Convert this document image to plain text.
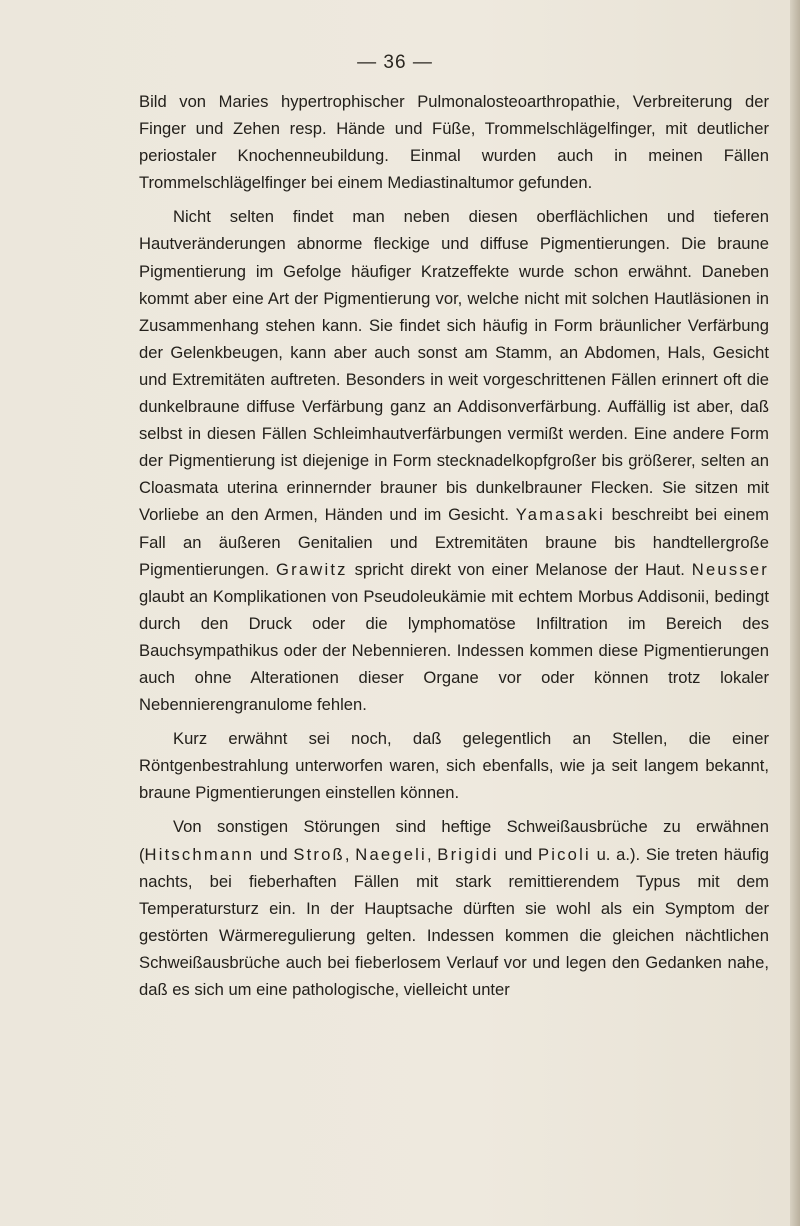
— 36 —

Bild von Maries hypertrophischer Pulmonalosteoarthropathie, Verbreiterung der Finger und Zehen resp. Hände und Füße, Trommelschlägelfinger, mit deutlicher periostaler Knochenneubildung. Einmal wurden auch in meinen Fällen Trommelschlägelfinger bei einem Mediastinaltumor gefunden.

Nicht selten findet man neben diesen oberflächlichen und tieferen Hautveränderungen abnorme fleckige und diffuse Pigmentierungen. Die braune Pigmentierung im Gefolge häufiger Kratzeffekte wurde schon erwähnt. Daneben kommt aber eine Art der Pigmentierung vor, welche nicht mit solchen Hautläsionen in Zusammenhang stehen kann. Sie findet sich häufig in Form bräunlicher Verfärbung der Gelenkbeugen, kann aber auch sonst am Stamm, an Abdomen, Hals, Gesicht und Extremitäten auftreten. Besonders in weit vorgeschrittenen Fällen erinnert oft die dunkelbraune diffuse Verfärbung ganz an Addisonverfärbung. Auffällig ist aber, daß selbst in diesen Fällen Schleimhautverfärbungen vermißt werden. Eine andere Form der Pigmentierung ist diejenige in Form stecknadelkopfgroßer bis größerer, selten an Cloasmata uterina erinnernder brauner bis dunkelbrauner Flecken. Sie sitzen mit Vorliebe an den Armen, Händen und im Gesicht. Yamasaki beschreibt bei einem Fall an äußeren Genitalien und Extremitäten braune bis handtellergroße Pigmentierungen. Grawitz spricht direkt von einer Melanose der Haut. Neusser glaubt an Komplikationen von Pseudoleukämie mit echtem Morbus Addisonii, bedingt durch den Druck oder die lymphomatöse Infiltration im Bereich des Bauchsympathikus oder der Nebennieren. Indessen kommen diese Pigmentierungen auch ohne Alterationen dieser Organe vor oder können trotz lokaler Nebennierengranulome fehlen.

Kurz erwähnt sei noch, daß gelegentlich an Stellen, die einer Röntgenbestrahlung unterworfen waren, sich ebenfalls, wie ja seit langem bekannt, braune Pigmentierungen einstellen können.

Von sonstigen Störungen sind heftige Schweißausbrüche zu erwähnen (Hitschmann und Stroß, Naegeli, Brigidi und Picoli u. a.). Sie treten häufig nachts, bei fieberhaften Fällen mit stark remittierendem Typus mit dem Temperatursturz ein. In der Hauptsache dürften sie wohl als ein Symptom der gestörten Wärmeregulierung gelten. Indessen kommen die gleichen nächtlichen Schweißausbrüche auch bei fieberlosem Verlauf vor und legen den Gedanken nahe, daß es sich um eine pathologische, vielleicht unter
